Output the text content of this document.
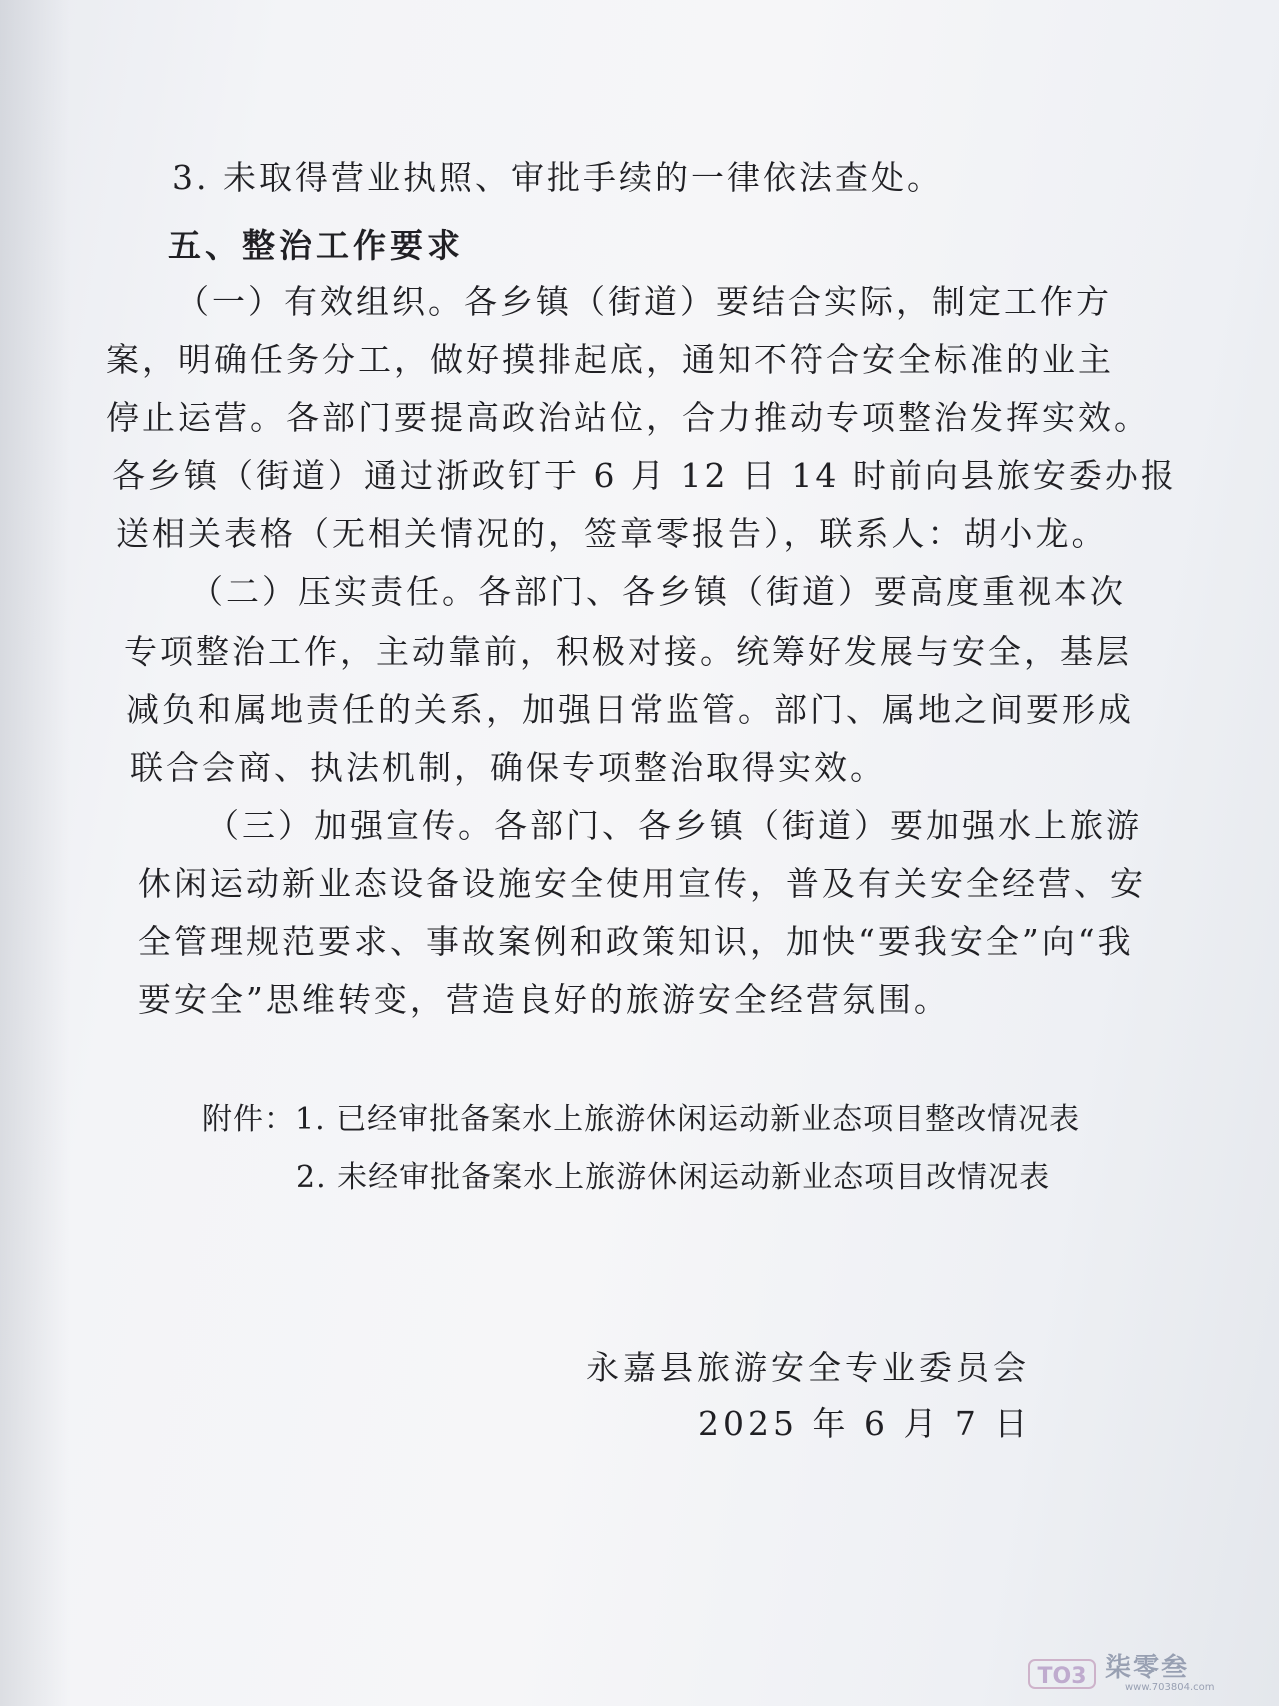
3. 未取得营业执照、审批手续的一律依法查处。
五、整治工作要求
（一）有效组织。各乡镇（街道）要结合实际，制定工作方
案，明确任务分工，做好摸排起底，通知不符合安全标准的业主
停止运营。各部门要提高政治站位，合力推动专项整治发挥实效。
各乡镇（街道）通过浙政钉于 6 月 12 日 14 时前向县旅安委办报
送相关表格（无相关情况的，签章零报告），联系人：胡小龙。
（二）压实责任。各部门、各乡镇（街道）要高度重视本次
专项整治工作，主动靠前，积极对接。统筹好发展与安全，基层
减负和属地责任的关系，加强日常监管。部门、属地之间要形成
联合会商、执法机制，确保专项整治取得实效。
（三）加强宣传。各部门、各乡镇（街道）要加强水上旅游
休闲运动新业态设备设施安全使用宣传，普及有关安全经营、安
全管理规范要求、事故案例和政策知识，加快“要我安全”向“我
要安全”思维转变，营造良好的旅游安全经营氛围。
附件：1. 已经审批备案水上旅游休闲运动新业态项目整改情况表
2. 未经审批备案水上旅游休闲运动新业态项目改情况表
永嘉县旅游安全专业委员会
2025 年 6 月 7 日
TO3 柒零叁
www.703804.com
